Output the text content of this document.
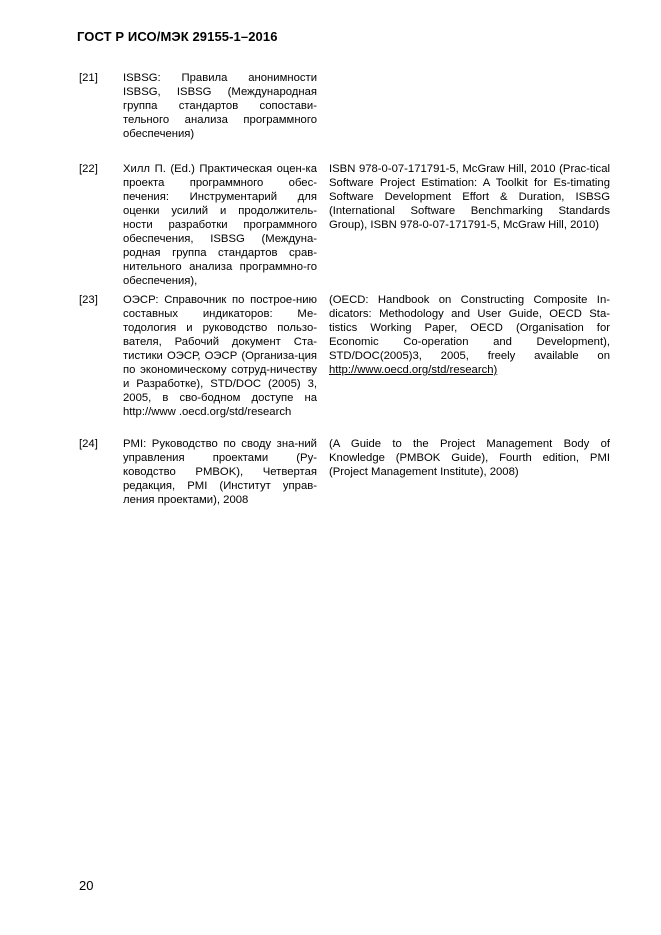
ГОСТ Р ИСО/МЭК 29155-1–2016
[21] ISBSG: Правила анонимности ISBSG, ISBSG (Международная группа стандартов сопостави-тельного анализа программного обеспечения)
[22] Хилл П. (Ed.) Практическая оцен-ка проекта программного обес-печения: Инструментарий для оценки усилий и продолжитель-ности разработки программного обеспечения, ISBSG (Междуна-родная группа стандартов срав-нительного анализа программно-го обеспечения),
ISBN 978-0-07-171791-5, McGraw Hill, 2010 (Prac-tical Software Project Estimation: A Toolkit for Es-timating Software Development Effort & Duration, ISBSG (International Software Benchmarking Standards Group), ISBN 978-0-07-171791-5, McGraw Hill, 2010)
[23] ОЭСР: Справочник по построе-нию составных индикаторов: Ме-тодология и руководство пользо-вателя, Рабочий документ Ста-тистики ОЭСР, ОЭСР (Организа-ция по экономическому сотруд-ничеству и Разработке), STD/DOC (2005) 3, 2005, в сво-бодном доступе на http://www .oecd.org/std/research
(OECD: Handbook on Constructing Composite In-dicators: Methodology and User Guide, OECD Sta-tistics Working Paper, OECD (Organisation for Economic Co-operation and Development), STD/DOC(2005)3, 2005, freely available on http://www.oecd.org/std/research)
[24] PMI: Руководство по своду зна-ний управления проектами (Ру-ководство PMBOK), Четвертая редакция, PMI (Институт управ-ления проектами), 2008
(A Guide to the Project Management Body of Knowledge (PMBOK Guide), Fourth edition, PMI (Project Management Institute), 2008)
20
